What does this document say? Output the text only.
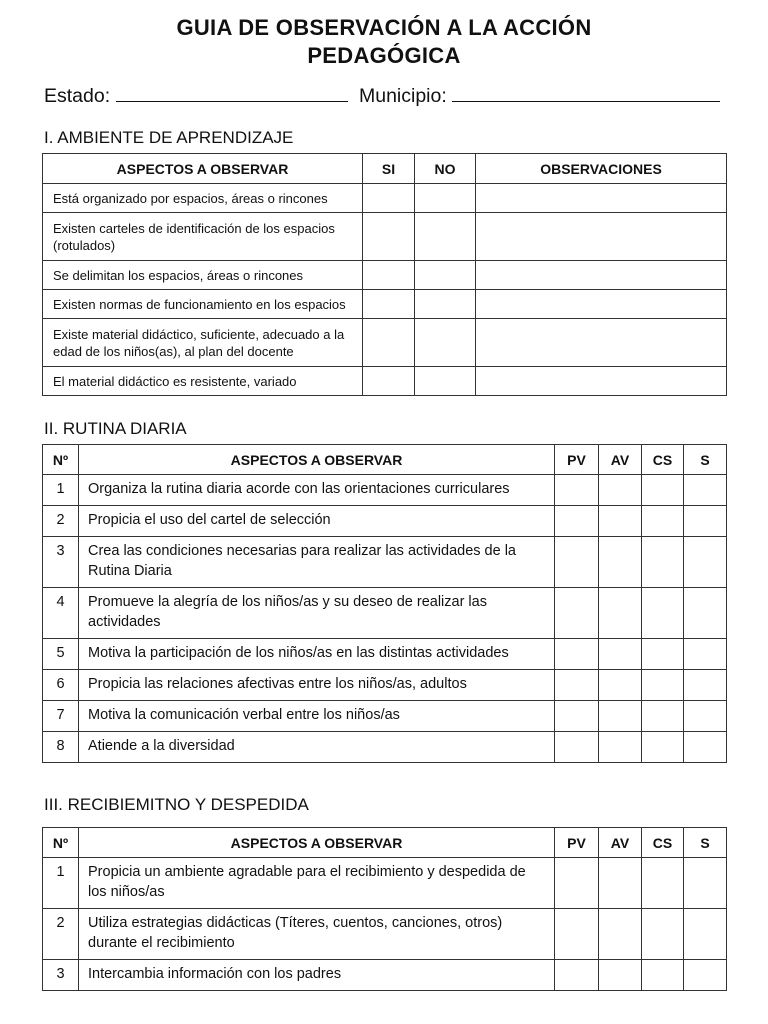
GUIA DE OBSERVACIÓN A LA ACCIÓN
PEDAGÓGICA
Estado:	Municipio:
I. AMBIENTE DE APRENDIZAJE
ASPECTOS A OBSERVAR	SI	NO	OBSERVACIONES
Está organizado por espacios, áreas o rincones			
Existen carteles de identificación de los espacios (rotulados)			
Se delimitan los espacios, áreas o rincones			
Existen normas de funcionamiento en los espacios			
Existe material didáctico, suficiente, adecuado a la edad de los niños(as), al plan del docente			
El material didáctico es resistente, variado			
II. RUTINA DIARIA
Nº	ASPECTOS A OBSERVAR	PV	AV	CS	S
1	Organiza la rutina diaria acorde con las orientaciones curriculares				
2	Propicia el uso del cartel de selección				
3	Crea las condiciones necesarias para realizar las actividades de la Rutina Diaria				
4	Promueve la alegría de los niños/as y su deseo de realizar las actividades				
5	Motiva la participación de los niños/as en las distintas actividades				
6	Propicia las relaciones afectivas entre los niños/as, adultos				
7	Motiva la comunicación verbal entre los niños/as				
8	Atiende a la diversidad				
III. RECIBIEMITNO Y DESPEDIDA
Nº	ASPECTOS A OBSERVAR	PV	AV	CS	S
1	Propicia un ambiente agradable para el recibimiento y despedida de los niños/as				
2	Utiliza estrategias didácticas (Títeres, cuentos, canciones, otros) durante el recibimiento				
3	Intercambia información con los padres				
